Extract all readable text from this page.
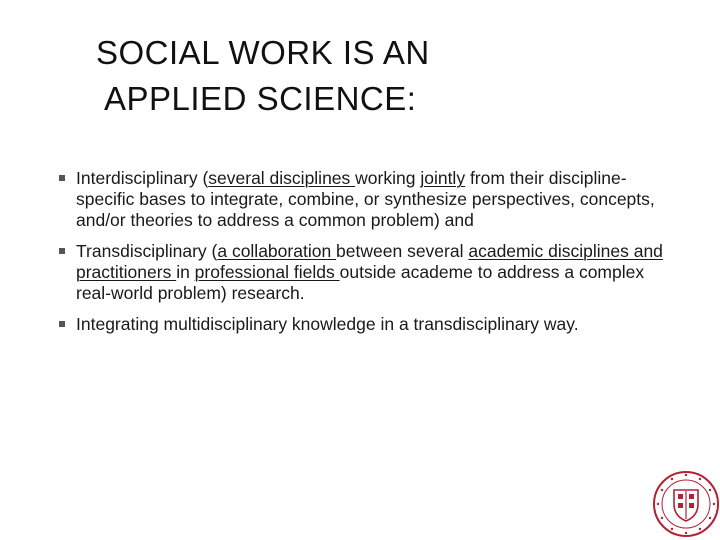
SOCIAL WORK IS AN
APPLIED SCIENCE:
Interdisciplinary (several disciplines working jointly from their discipline-specific bases to integrate, combine, or synthesize perspectives, concepts, and/or theories to address a common problem) and
Transdisciplinary (a collaboration between several academic disciplines and practitioners in professional fields outside academe to address a complex real-world problem) research.
Integrating multidisciplinary knowledge in a transdisciplinary way.
